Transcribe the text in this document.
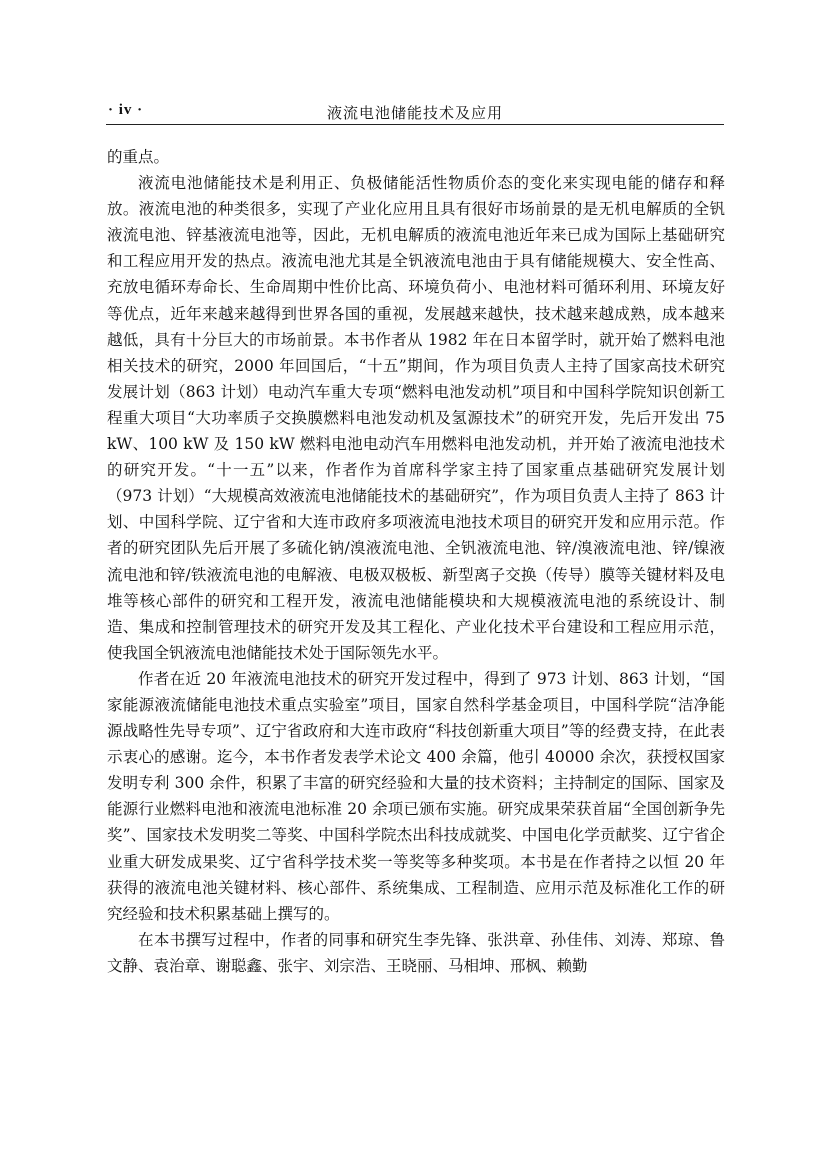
· iv ·	液流电池储能技术及应用

的重点。

液流电池储能技术是利用正、负极储能活性物质价态的变化来实现电能的储存和释放。液流电池的种类很多，实现了产业化应用且具有很好市场前景的是无机电解质的全钒液流电池、锌基液流电池等，因此，无机电解质的液流电池近年来已成为国际上基础研究和工程应用开发的热点。液流电池尤其是全钒液流电池由于具有储能规模大、安全性高、充放电循环寿命长、生命周期中性价比高、环境负荷小、电池材料可循环利用、环境友好等优点，近年来越来越得到世界各国的重视，发展越来越快，技术越来越成熟，成本越来越低，具有十分巨大的市场前景。本书作者从 1982 年在日本留学时，就开始了燃料电池相关技术的研究，2000 年回国后，“十五”期间，作为项目负责人主持了国家高技术研究发展计划（863 计划）电动汽车重大专项“燃料电池发动机”项目和中国科学院知识创新工程重大项目“大功率质子交换膜燃料电池发动机及氢源技术”的研究开发，先后开发出 75 kW、100 kW 及 150 kW 燃料电池电动汽车用燃料电池发动机，并开始了液流电池技术的研究开发。“十一五”以来，作者作为首席科学家主持了国家重点基础研究发展计划（973 计划）“大规模高效液流电池储能技术的基础研究”，作为项目负责人主持了 863 计划、中国科学院、辽宁省和大连市政府多项液流电池技术项目的研究开发和应用示范。作者的研究团队先后开展了多硫化钠/溴液流电池、全钒液流电池、锌/溴液流电池、锌/镍液流电池和锌/铁液流电池的电解液、电极双极板、新型离子交换（传导）膜等关键材料及电堆等核心部件的研究和工程开发，液流电池储能模块和大规模液流电池的系统设计、制造、集成和控制管理技术的研究开发及其工程化、产业化技术平台建设和工程应用示范，使我国全钒液流电池储能技术处于国际领先水平。

作者在近 20 年液流电池技术的研究开发过程中，得到了 973 计划、863 计划，“国家能源液流储能电池技术重点实验室”项目，国家自然科学基金项目，中国科学院“洁净能源战略性先导专项”、辽宁省政府和大连市政府“科技创新重大项目”等的经费支持，在此表示衷心的感谢。迄今，本书作者发表学术论文 400 余篇，他引 40000 余次，获授权国家发明专利 300 余件，积累了丰富的研究经验和大量的技术资料；主持制定的国际、国家及能源行业燃料电池和液流电池标准 20 余项已颁布实施。研究成果荣获首届“全国创新争先奖”、国家技术发明奖二等奖、中国科学院杰出科技成就奖、中国电化学贡献奖、辽宁省企业重大研发成果奖、辽宁省科学技术奖一等奖等多种奖项。本书是在作者持之以恒 20 年获得的液流电池关键材料、核心部件、系统集成、工程制造、应用示范及标准化工作的研究经验和技术积累基础上撰写的。

在本书撰写过程中，作者的同事和研究生李先锋、张洪章、孙佳伟、刘涛、郑琼、鲁文静、袁治章、谢聪鑫、张宇、刘宗浩、王晓丽、马相坤、邢枫、赖勤
